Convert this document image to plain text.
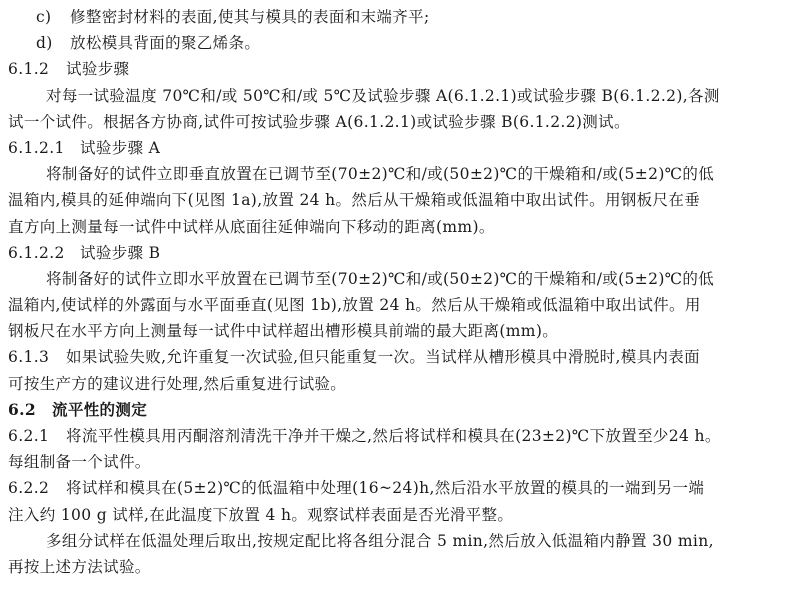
c) 修整密封材料的表面,使其与模具的表面和末端齐平;
d) 放松模具背面的聚乙烯条。
6.1.2 试验步骤
对每一试验温度 70℃和/或 50℃和/或 5℃及试验步骤 A(6.1.2.1)或试验步骤 B(6.1.2.2),各测
试一个试件。根据各方协商,试件可按试验步骤 A(6.1.2.1)或试验步骤 B(6.1.2.2)测试。
6.1.2.1 试验步骤 A
将制备好的试件立即垂直放置在已调节至(70±2)℃和/或(50±2)℃的干燥箱和/或(5±2)℃的低
温箱内,模具的延伸端向下(见图 1a),放置 24 h。然后从干燥箱或低温箱中取出试件。用钢板尺在垂
直方向上测量每一试件中试样从底面往延伸端向下移动的距离(mm)。
6.1.2.2 试验步骤 B
将制备好的试件立即水平放置在已调节至(70±2)℃和/或(50±2)℃的干燥箱和/或(5±2)℃的低
温箱内,使试样的外露面与水平面垂直(见图 1b),放置 24 h。然后从干燥箱或低温箱中取出试件。用
钢板尺在水平方向上测量每一试件中试样超出槽形模具前端的最大距离(mm)。
6.1.3 如果试验失败,允许重复一次试验,但只能重复一次。当试样从槽形模具中滑脱时,模具内表面
可按生产方的建议进行处理,然后重复进行试验。
6.2 流平性的测定
6.2.1 将流平性模具用丙酮溶剂清洗干净并干燥之,然后将试样和模具在(23±2)℃下放置至少24 h。
每组制备一个试件。
6.2.2 将试样和模具在(5±2)℃的低温箱中处理(16~24)h,然后沿水平放置的模具的一端到另一端
注入约 100 g 试样,在此温度下放置 4 h。观察试样表面是否光滑平整。
多组分试样在低温处理后取出,按规定配比将各组分混合 5 min,然后放入低温箱内静置 30 min,
再按上述方法试验。
